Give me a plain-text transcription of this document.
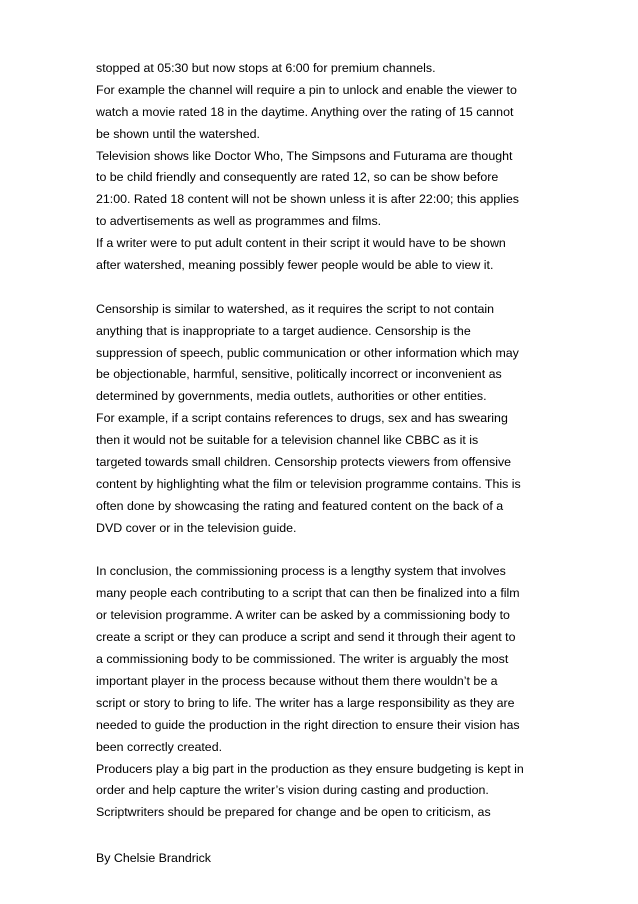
stopped at 05:30 but now stops at 6:00 for premium channels.
For example the channel will require a pin to unlock and enable the viewer to
watch a movie rated 18 in the daytime. Anything over the rating of 15 cannot
be shown until the watershed.
Television shows like Doctor Who, The Simpsons and Futurama are thought
to be child friendly and consequently are rated 12, so can be show before
21:00. Rated 18 content will not be shown unless it is after 22:00; this applies
to advertisements as well as programmes and films.
If a writer were to put adult content in their script it would have to be shown
after watershed, meaning possibly fewer people would be able to view it.
Censorship is similar to watershed, as it requires the script to not contain
anything that is inappropriate to a target audience. Censorship is the
suppression of speech, public communication or other information which may
be objectionable, harmful, sensitive, politically incorrect or inconvenient as
determined by governments, media outlets, authorities or other entities.
For example, if a script contains references to drugs, sex and has swearing
then it would not be suitable for a television channel like CBBC as it is
targeted towards small children. Censorship protects viewers from offensive
content by highlighting what the film or television programme contains. This is
often done by showcasing the rating and featured content on the back of a
DVD cover or in the television guide.
In conclusion, the commissioning process is a lengthy system that involves
many people each contributing to a script that can then be finalized into a film
or television programme. A writer can be asked by a commissioning body to
create a script or they can produce a script and send it through their agent to
a commissioning body to be commissioned. The writer is arguably the most
important player in the process because without them there wouldn’t be a
script or story to bring to life. The writer has a large responsibility as they are
needed to guide the production in the right direction to ensure their vision has
been correctly created.
Producers play a big part in the production as they ensure budgeting is kept in
order and help capture the writer’s vision during casting and production.
Scriptwriters should be prepared for change and be open to criticism, as
By Chelsie Brandrick
